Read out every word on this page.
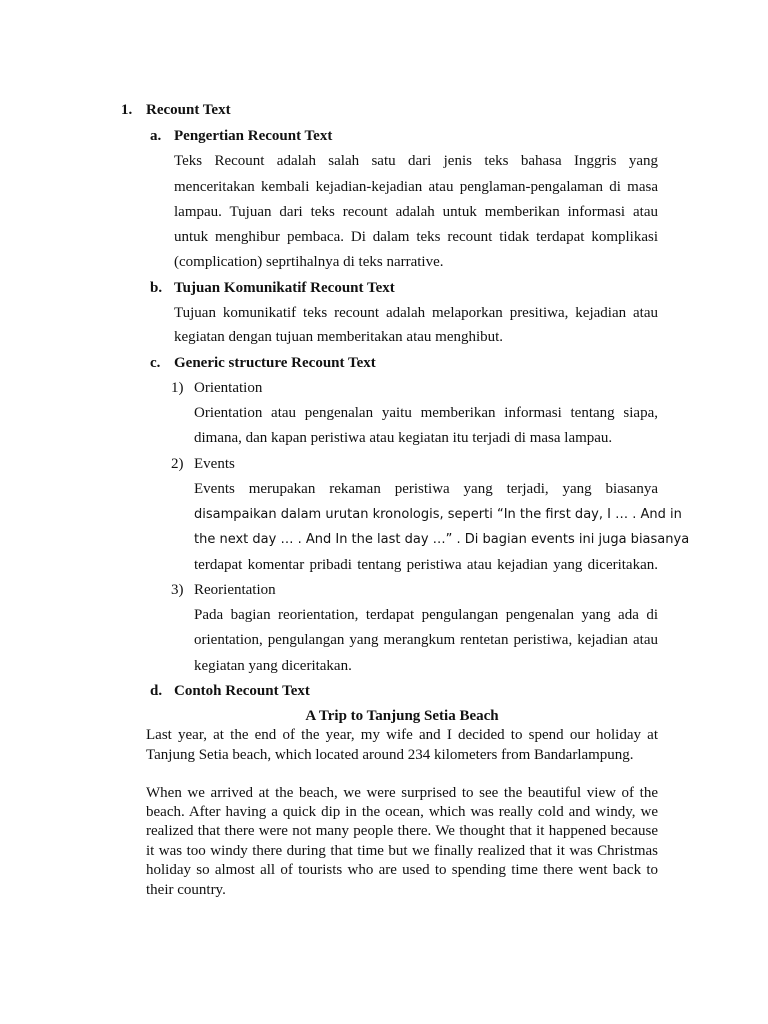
1. Recount Text
a. Pengertian Recount Text
Teks Recount adalah salah satu dari jenis teks bahasa Inggris yang
menceritakan kembali kejadian-kejadian atau penglaman-pengalaman di masa
lampau. Tujuan dari teks recount adalah untuk memberikan informasi atau
untuk menghibur pembaca. Di dalam teks recount tidak terdapat komplikasi
(complication) seprtihalnya di teks narrative.
b. Tujuan Komunikatif Recount Text
Tujuan komunikatif teks recount adalah melaporkan presitiwa, kejadian atau
kegiatan dengan tujuan memberitakan atau menghibut.
c. Generic structure Recount Text
1) Orientation
Orientation atau pengenalan yaitu memberikan informasi tentang siapa,
dimana, dan kapan peristiwa atau kegiatan itu terjadi di masa lampau.
2) Events
Events merupakan rekaman peristiwa yang terjadi, yang biasanya
disampaikan dalam urutan kronologis, seperti “In the first day, I … . And in
the next day … . And In the last day …” . Di bagian events ini juga biasanya
terdapat komentar pribadi tentang peristiwa atau kejadian yang diceritakan.
3) Reorientation
Pada bagian reorientation, terdapat pengulangan pengenalan yang ada di
orientation, pengulangan yang merangkum rentetan peristiwa, kejadian atau
kegiatan yang diceritakan.
d. Contoh Recount Text
A Trip to Tanjung Setia Beach
Last year, at the end of the year, my wife and I decided to spend our holiday at
Tanjung Setia beach, which located around 234 kilometers from Bandarlampung.
When we arrived at the beach, we were surprised to see the beautiful view of the
beach. After having a quick dip in the ocean, which was really cold and windy, we
realized that there were not many people there. We thought that it happened because
it was too windy there during that time but we finally realized that it was Christmas
holiday so almost all of tourists who are used to spending time there went back to
their country.
